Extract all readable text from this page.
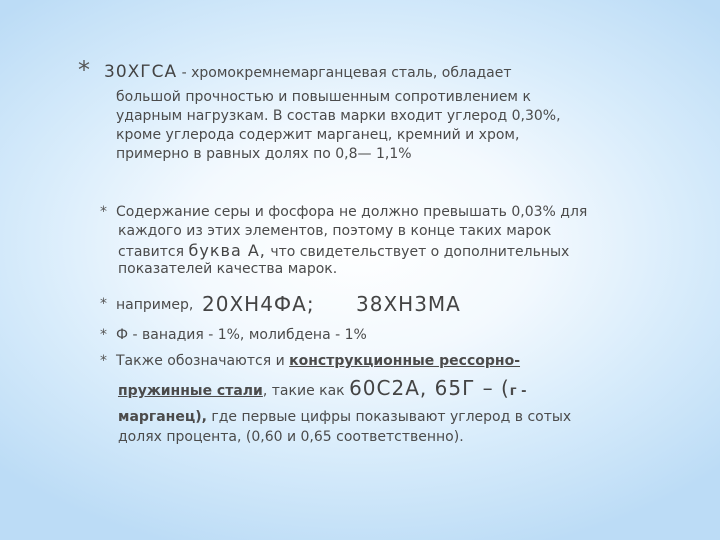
* 30ХГСА - хромокремнемарганцевая сталь, обладает
большой прочностью и повышенным сопротивлением к
ударным нагрузкам. В состав марки входит углерод 0,30%,
кроме углерода содержит марганец, кремний и хром,
примерно в равных долях по 0,8— 1,1%
* Содержание серы и фосфора не должно превышать 0,03% для
каждого из этих элементов, поэтому в конце таких марок
ставится буква А, что свидетельствует о дополнительных
показателей качества марок.
* например, 20ХН4ФА; 38ХН3МА
* Ф - ванадия - 1%, молибдена - 1%
* Также обозначаются и конструкционные рессорно-
пружинные стали, такие как 60С2А, 65Г – (г -
марганец), где первые цифры показывают углерод в сотых
долях процента, (0,60 и 0,65 соответственно).
